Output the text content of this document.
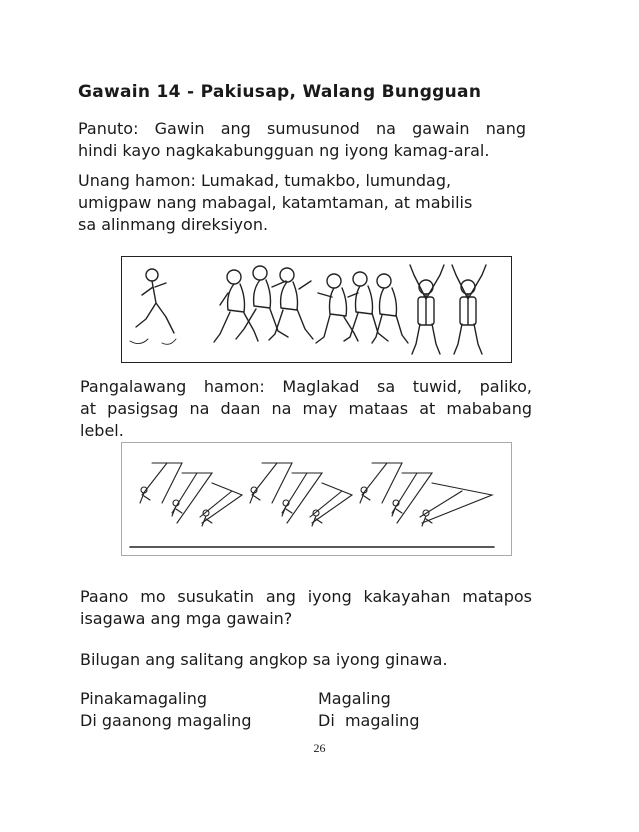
Gawain 14 - Pakiusap, Walang Bungguan
Panuto: Gawin ang sumusunod na gawain nang
hindi kayo nagkakabungguan ng iyong kamag-aral.
Unang hamon: Lumakad, tumakbo, lumundag,
umigpaw nang mabagal, katamtaman, at mabilis
sa alinmang direksiyon.
Pangalawang hamon: Maglakad sa tuwid, paliko,
at pasigsag na daan na may mataas at mababang
lebel.
Paano mo susukatin ang iyong kakayahan matapos
isagawa ang mga gawain?
Bilugan ang salitang angkop sa iyong ginawa.
Pinakamagaling	Magaling
Di gaanong magaling	Di  magaling
26
